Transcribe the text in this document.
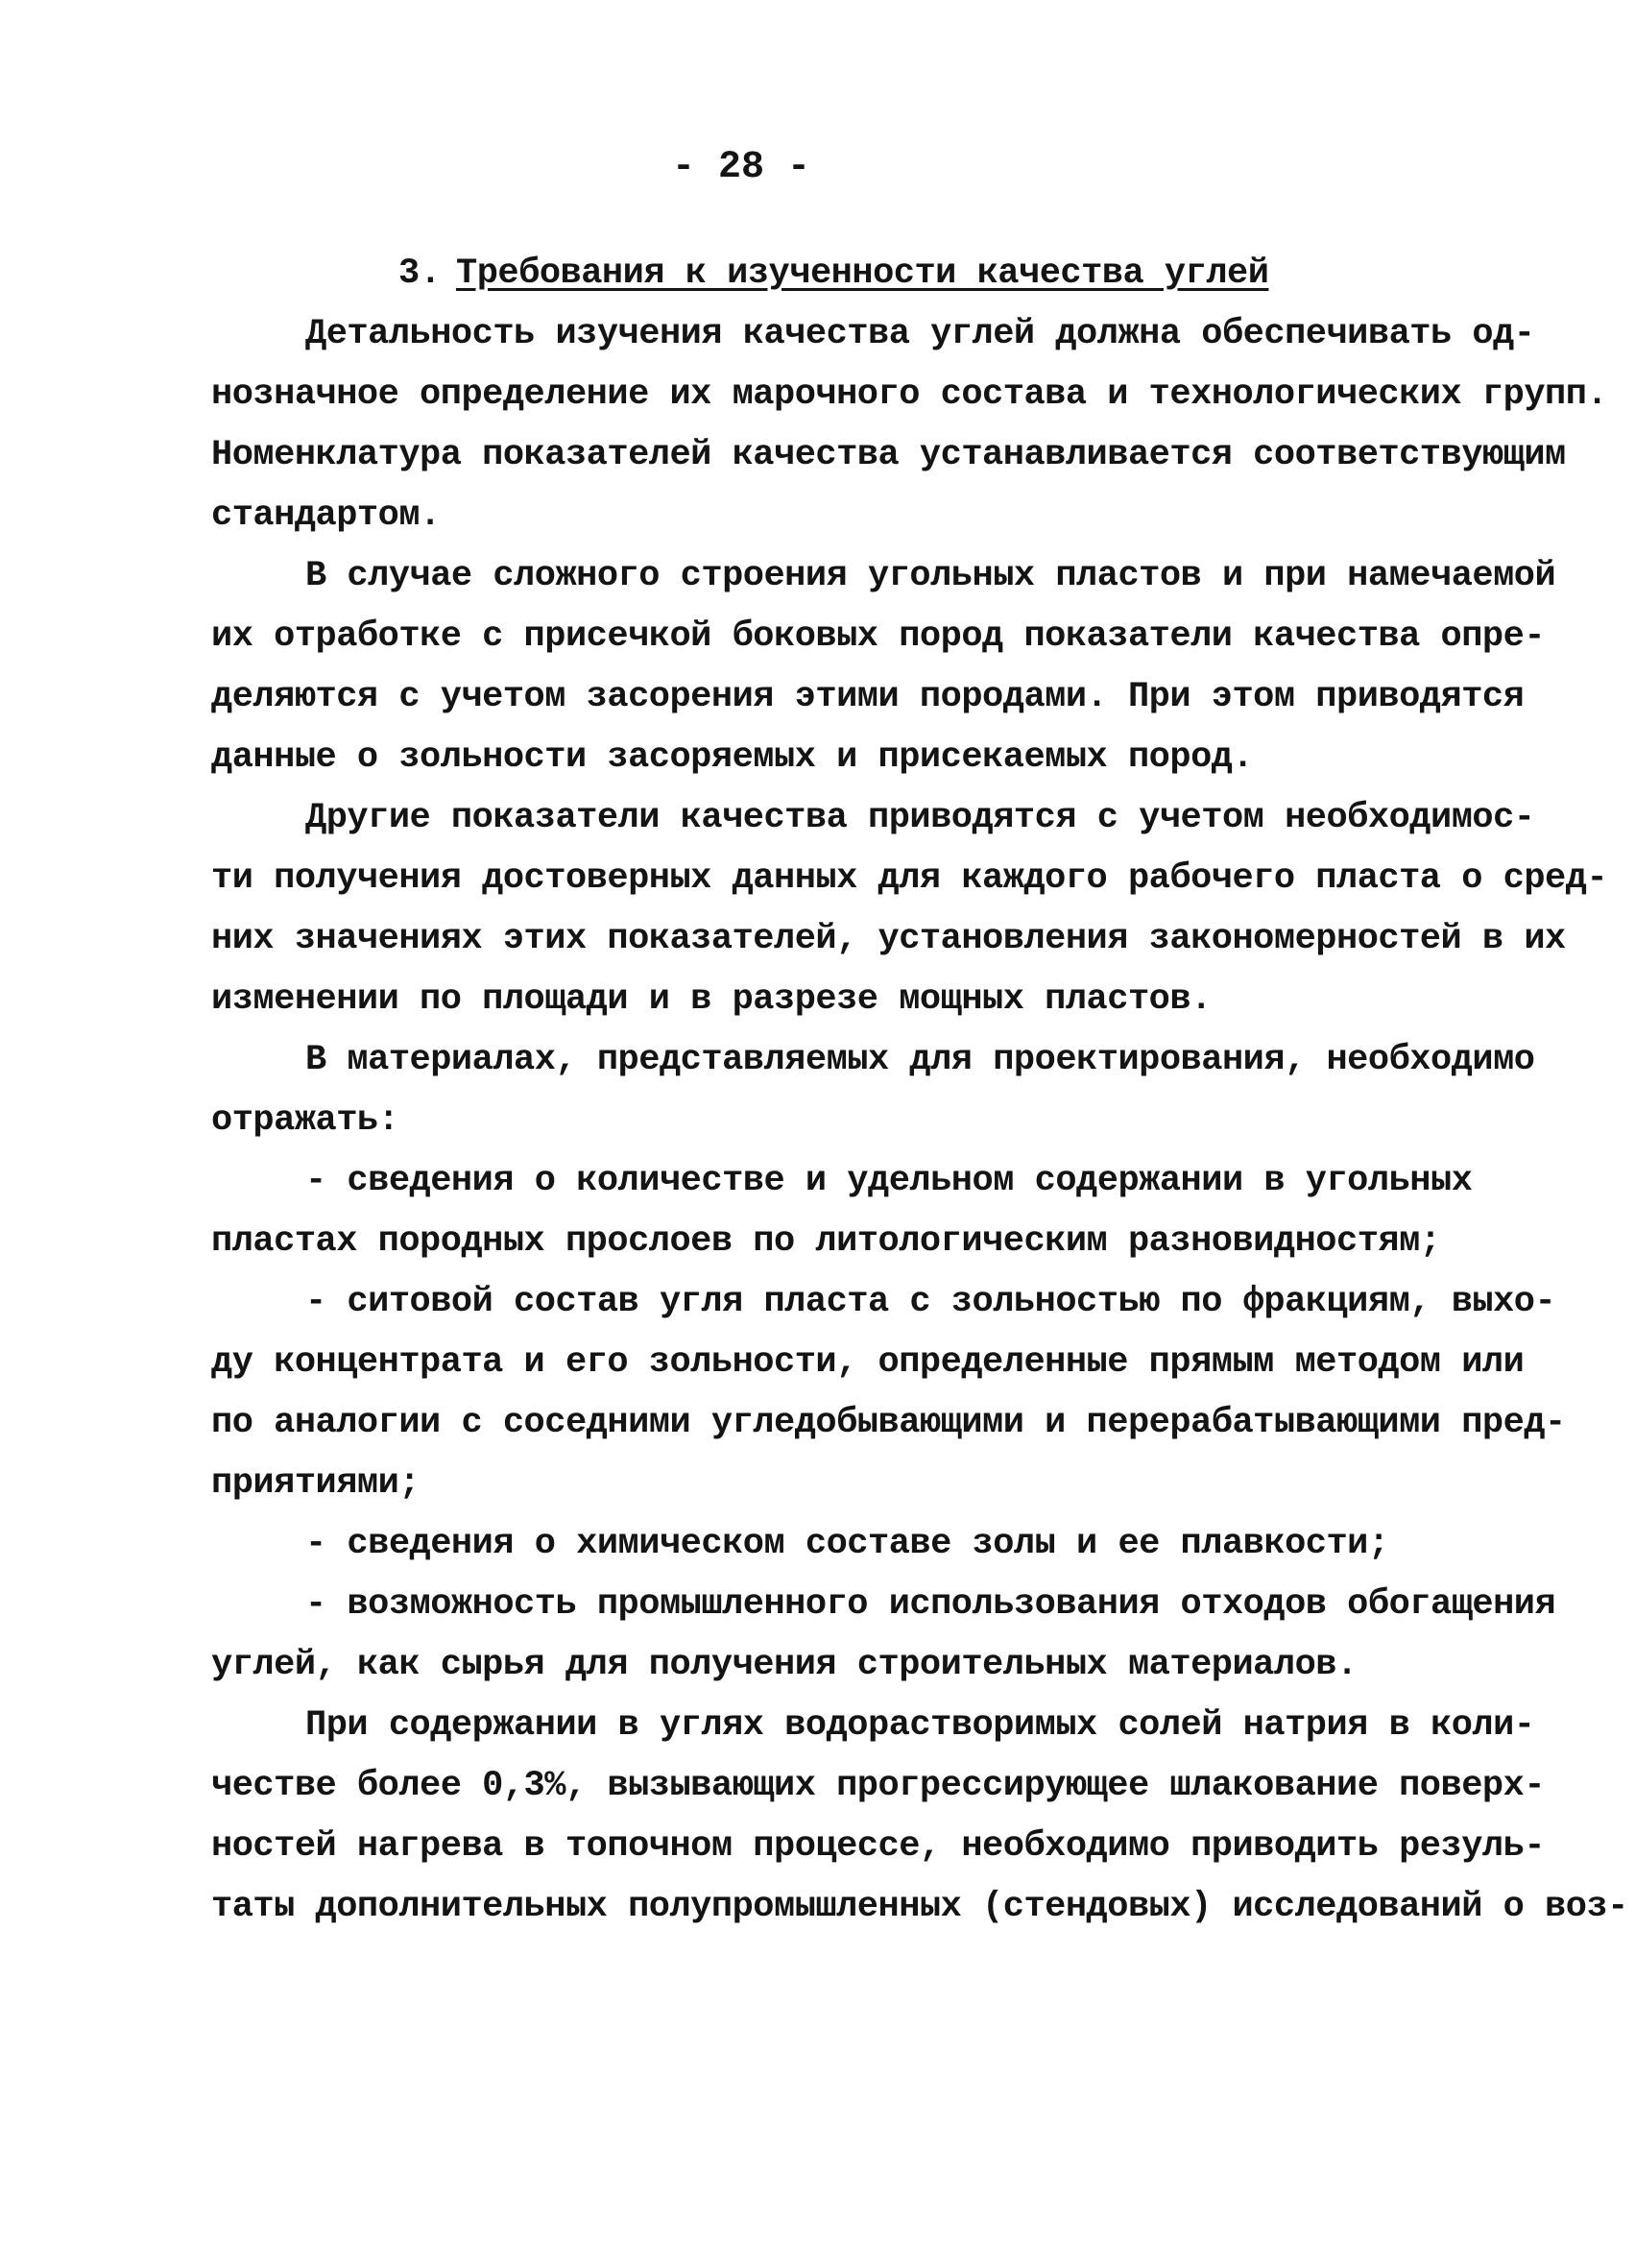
- 28 -
3. Требования к изученности качества углей
Детальность изучения качества углей должна обеспечивать од-
нозначное определение их марочного состава и технологических групп.
Номенклатура показателей качества устанавливается соответствующим
стандартом.
В случае сложного строения угольных пластов и при намечаемой
их отработке с присечкой боковых пород показатели качества опре-
деляются с учетом засорения этими породами. При этом приводятся
данные о зольности засоряемых и присекаемых пород.
Другие показатели качества приводятся с учетом необходимос-
ти получения достоверных данных для каждого рабочего пласта о сред-
них значениях этих показателей, установления закономерностей в их
изменении по площади и в разрезе мощных пластов.
В материалах, представляемых для проектирования, необходимо
отражать:
- сведения о количестве и удельном содержании в угольных
пластах породных прослоев по литологическим разновидностям;
- ситовой состав угля пласта с зольностью по фракциям, выхо-
ду концентрата и его зольности, определенные прямым методом или
по аналогии с соседними угледобывающими и перерабатывающими пред-
приятиями;
- сведения о химическом составе золы и ее плавкости;
- возможность промышленного использования отходов обогащения
углей, как сырья для получения строительных материалов.
При содержании в углях водорастворимых солей натрия в коли-
честве более 0,3%, вызывающих прогрессирующее шлакование поверх-
ностей нагрева в топочном процессе, необходимо приводить резуль-
таты дополнительных полупромышленных (стендовых) исследований о воз-
